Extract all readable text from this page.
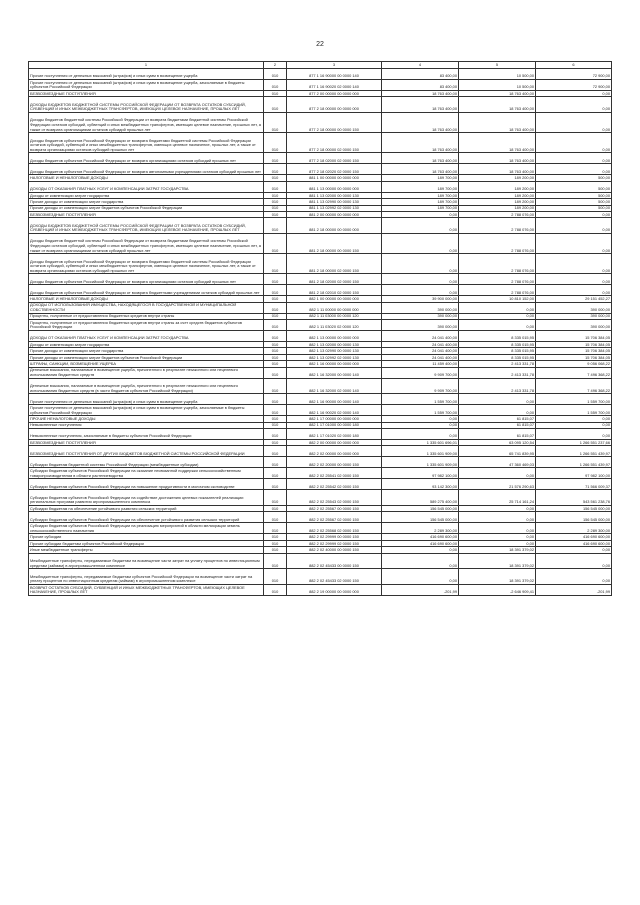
22
1	2	3	4	5	6
Прочие поступления от денежных взысканий (штрафов) и иных сумм в возмещение ущерба	010	877 1 16 90000 00 0000 140	83 400,00	10 500,00	72 900,00
Прочие поступления от денежных взысканий (штрафов) и иных сумм в возмещение ущерба, зачисляемые в бюджеты субъектов Российской Федерации	010	877 1 16 90020 02 0000 140	83 400,00	10 500,00	72 900,00
БЕЗВОЗМЕЗДНЫЕ ПОСТУПЛЕНИЯ	010	877 2 00 00000 00 0000 000	18 763 400,00	18 763 400,00	0,00
ДОХОДЫ БЮДЖЕТОВ БЮДЖЕТНОЙ СИСТЕМЫ РОССИЙСКОЙ ФЕДЕРАЦИИ ОТ ВОЗВРАТА ОСТАТКОВ СУБСИДИЙ, СУБВЕНЦИЙ И ИНЫХ МЕЖБЮДЖЕТНЫХ ТРАНСФЕРТОВ, ИМЕЮЩИХ ЦЕЛЕВОЕ НАЗНАЧЕНИЕ, ПРОШЛЫХ ЛЕТ	010	877 2 18 00000 00 0000 000	18 763 400,00	18 763 400,00	0,00
Доходы бюджетов бюджетной системы Российской Федерации от возврата бюджетами бюджетной системы Российской Федерации остатков субсидий, субвенций и иных межбюджетных трансфертов, имеющих целевое назначение, прошлых лет, а также от возврата организациями остатков субсидий прошлых лет	010	877 2 18 00000 00 0000 150	18 763 400,00	18 763 400,00	0,00
Доходы бюджетов субъектов Российской Федерации от возврата бюджетами бюджетной системы Российской Федерации остатков субсидий, субвенций и иных межбюджетных трансфертов, имеющих целевое назначение, прошлых лет, а также от возврата организациями остатков субсидий прошлых лет	010	877 2 18 00000 02 0000 150	18 763 400,00	18 763 400,00	0,00
Доходы бюджетов субъектов Российской Федерации от возврата организациями остатков субсидий прошлых лет	010	877 2 18 02000 02 0000 150	18 763 400,00	18 763 400,00	0,00
Доходы бюджетов субъектов Российской Федерации от возврата автономными учреждениями остатков субсидий прошлых лет	010	877 2 18 02020 02 0000 150	18 763 400,00	18 763 400,00	0,00
НАЛОГОВЫЕ И НЕНАЛОГОВЫЕ ДОХОДЫ	010	881 1 00 00000 00 0000 000	189 700,00	189 200,00	500,00
ДОХОДЫ ОТ ОКАЗАНИЯ ПЛАТНЫХ УСЛУГ И КОМПЕНСАЦИИ ЗАТРАТ ГОСУДАРСТВА	010	881 1 13 00000 00 0000 000	189 700,00	189 200,00	500,00
Доходы от компенсации затрат государства	010	881 1 13 02000 00 0000 130	189 700,00	189 200,00	500,00
Прочие доходы от компенсации затрат государства	010	881 1 13 02990 00 0000 130	189 700,00	189 200,00	500,00
Прочие доходы от компенсации затрат бюджетов субъектов Российской Федерации	010	881 1 13 02992 02 0000 130	189 700,00	189 200,00	500,00
БЕЗВОЗМЕЗДНЫЕ ПОСТУПЛЕНИЯ	010	881 2 00 00000 00 0000 000	0,00	2 788 076,00	0,00
ДОХОДЫ БЮДЖЕТОВ БЮДЖЕТНОЙ СИСТЕМЫ РОССИЙСКОЙ ФЕДЕРАЦИИ ОТ ВОЗВРАТА ОСТАТКОВ СУБСИДИЙ, СУБВЕНЦИЙ И ИНЫХ МЕЖБЮДЖЕТНЫХ ТРАНСФЕРТОВ, ИМЕЮЩИХ ЦЕЛЕВОЕ НАЗНАЧЕНИЕ, ПРОШЛЫХ ЛЕТ	010	881 2 18 00000 00 0000 000	0,00	2 788 076,00	0,00
Доходы бюджетов бюджетной системы Российской Федерации от возврата бюджетами бюджетной системы Российской Федерации остатков субсидий, субвенций и иных межбюджетных трансфертов, имеющих целевое назначение, прошлых лет, а также от возврата организациями остатков субсидий прошлых лет	010	881 2 18 00000 00 0000 150	0,00	2 788 076,00	0,00
Доходы бюджетов субъектов Российской Федерации от возврата бюджетами бюджетной системы Российской Федерации остатков субсидий, субвенций и иных межбюджетных трансфертов, имеющих целевое назначение, прошлых лет, а также от возврата организациями остатков субсидий прошлых лет	010	881 2 18 00000 02 0000 150	0,00	2 788 076,00	0,00
Доходы бюджетов субъектов Российской Федерации от возврата организациями остатков субсидий прошлых лет	010	881 2 18 02000 02 0000 150	0,00	2 788 076,00	0,00
Доходы бюджетов субъектов Российской Федерации от возврата бюджетными учреждениями остатков субсидий прошлых лет	010	881 2 18 02010 02 0000 150	0,00	2 788 076,00	0,00
НАЛОГОВЫЕ И НЕНАЛОГОВЫЕ ДОХОДЫ	010	882 1 00 00000 00 0000 000	39 900 000,00	10 810 152,00	29 151 452,27
ДОХОДЫ ОТ ИСПОЛЬЗОВАНИЯ ИМУЩЕСТВА, НАХОДЯЩЕГОСЯ В ГОСУДАРСТВЕННОЙ И МУНИЦИПАЛЬНОЙ СОБСТВЕННОСТИ	010	882 1 11 00000 00 0000 000	390 000,00	0,00	390 000,00
Проценты, полученные от предоставления бюджетных кредитов внутри страны	010	882 1 11 03000 00 0000 120	390 000,00	0,00	390 000,00
Проценты, полученные от предоставления бюджетных кредитов внутри страны за счет средств бюджетов субъектов Российской Федерации	010	882 1 11 03020 02 0000 120	390 000,00	0,00	390 000,00
ДОХОДЫ ОТ ОКАЗАНИЯ ПЛАТНЫХ УСЛУГ И КОМПЕНСАЦИИ ЗАТРАТ ГОСУДАРСТВА	010	882 1 13 00000 00 0000 000	24 041 400,00	8 335 015,95	15 706 384,05
Доходы от компенсации затрат государства	010	882 1 13 02000 00 0000 130	24 041 400,00	8 335 015,95	15 706 384,05
Прочие доходы от компенсации затрат государства	010	882 1 13 02990 00 0000 130	24 041 400,00	8 335 015,95	15 706 384,05
Прочие доходы от компенсации затрат бюджетов субъектов Российской Федерации	010	882 1 13 02992 02 0000 130	24 041 400,00	8 335 015,95	15 706 384,05
ШТРАФЫ, САНКЦИИ, ВОЗМЕЩЕНИЕ УЩЕРБА	010	882 1 16 00000 00 0000 000	11 459 400,00	2 413 331,78	9 056 068,22
Денежные взыскания, налагаемые в возмещение ущерба, причиненного в результате незаконного или нецелевого использования бюджетных средств	010	882 1 16 32000 00 0000 140	9 909 700,00	2 413 331,78	7 496 368,22
Денежные взыскания, налагаемые в возмещение ущерба, причиненного в результате незаконного или нецелевого использования бюджетных средств (в части бюджетов субъектов Российской Федерации)	010	882 1 16 32000 02 0000 140	9 909 700,00	2 413 331,78	7 496 368,22
Прочие поступления от денежных взысканий (штрафов) и иных сумм в возмещение ущерба	010	882 1 16 90000 00 0000 140	1 559 700,00	0,00	1 559 700,00
Прочие поступления от денежных взысканий (штрафов) и иных сумм в возмещение ущерба, зачисляемые в бюджеты субъектов Российской Федерации	010	882 1 16 90020 02 0000 140	1 559 700,00	0,00	1 559 700,00
ПРОЧИЕ НЕНАЛОГОВЫЕ ДОХОДЫ	010	882 1 17 00000 00 0000 000	0,00	61 815,07	0,00
Невыясненные поступления	010	882 1 17 01000 00 0000 180	0,00	61 815,07	0,00
Невыясненные поступления, зачисляемые в бюджеты субъектов Российской Федерации	010	882 1 17 01020 02 0000 180	0,00	61 815,07	0,00
БЕЗВОЗМЕЗДНЫЕ ПОСТУПЛЕНИЯ	010	882 2 00 00000 00 0000 000	1 335 601 696,01	63 095 120,54	1 266 551 237,66
БЕЗВОЗМЕЗДНЫЕ ПОСТУПЛЕНИЯ ОТ ДРУГИХ БЮДЖЕТОВ БЮДЖЕТНОЙ СИСТЕМЫ РОССИЙСКОЙ ФЕДЕРАЦИИ	010	882 2 02 00000 00 0000 000	1 335 601 909,00	65 741 839,95	1 266 551 439,97
Субсидии бюджетам бюджетной системы Российской Федерации (межбюджетные субсидии)	010	882 2 02 20000 00 0000 150	1 335 601 909,00	47 360 469,03	1 266 551 439,97
Субсидии бюджетам субъектов Российской Федерации на оказание несвязанной поддержки сельскохозяйственным товаропроизводителям в области растениеводства	010	882 2 02 25541 02 0000 150	97 982 100,00	0,00	97 982 100,00
Субсидии бюджетам субъектов Российской Федерации на повышение продуктивности в молочном скотоводстве	010	882 2 02 25542 02 0000 150	93 142 300,00	21 576 290,63	71 566 009,37
Субсидии бюджетам субъектов Российской Федерации на содействие достижению целевых показателей реализации региональных программ развития агропромышленного комплекса	010	882 2 02 25543 02 0000 150	589 275 400,00	25 714 161,24	543 561 238,76
Субсидии бюджетам на обеспечение устойчивого развития сельских территорий	010	882 2 02 25567 00 0000 150	156 545 000,00	0,00	156 545 000,00
Субсидии бюджетам субъектов Российской Федерации на обеспечение устойчивого развития сельских территорий	010	882 2 02 25567 02 0000 150	156 545 000,00	0,00	156 545 000,00
Субсидии бюджетам субъектов Российской Федерации на реализацию мероприятий в области мелиорации земель сельскохозяйственного назначения	010	882 2 02 25568 02 0000 150	2 289 300,00	0,00	2 289 300,00
Прочие субсидии	010	882 2 02 29999 00 0000 150	416 690 600,00	0,00	416 690 600,00
Прочие субсидии бюджетам субъектов Российской Федерации	010	882 2 02 29999 02 0000 150	416 690 600,00	0,00	416 690 600,00
Иные межбюджетные трансферты	010	882 2 02 40000 00 0000 150	0,00	18 391 379,02	0,00
Межбюджетные трансферты, передаваемые бюджетам на возмещение части затрат на уплату процентов по инвестиционным кредитам (займам) в агропромышленном комплексе	010	882 2 02 45433 00 0000 150	0,00	18 391 379,02	0,00
Межбюджетные трансферты, передаваемые бюджетам субъектов Российской Федерации на возмещение части затрат на уплату процентов по инвестиционным кредитам (займам) в агропромышленном комплексе	010	882 2 02 45433 02 0000 150	0,00	18 391 379,02	0,00
ВОЗВРАТ ОСТАТКОВ СУБСИДИЙ, СУБВЕНЦИЙ И ИНЫХ МЕЖБЮДЖЕТНЫХ ТРАНСФЕРТОВ, ИМЕЮЩИХ ЦЕЛЕВОЕ НАЗНАЧЕНИЕ, ПРОШЛЫХ ЛЕТ	010	882 2 19 00000 00 0000 000	-201,99	-2 646 909,41	-201,99
